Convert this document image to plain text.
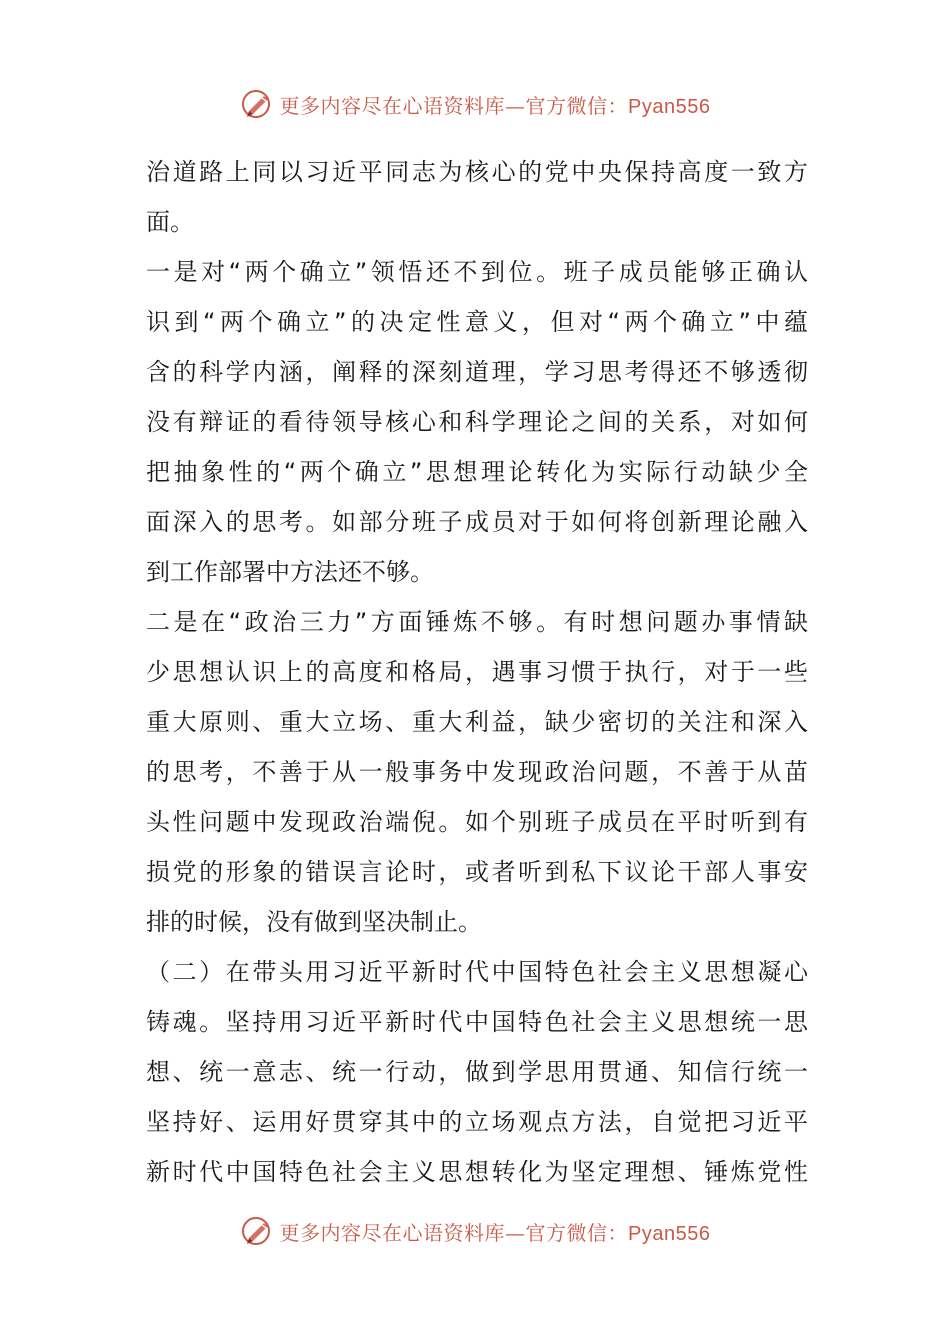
更多内容尽在心语资料库—官方微信：Pyan556
治道路上同以习近平同志为核心的党中央保持高度一致方
面。
一是对“两个确立”领悟还不到位。班子成员能够正确认
识到“两个确立”的决定性意义，但对“两个确立”中蕴
含的科学内涵，阐释的深刻道理，学习思考得还不够透彻
没有辩证的看待领导核心和科学理论之间的关系，对如何
把抽象性的“两个确立”思想理论转化为实际行动缺少全
面深入的思考。如部分班子成员对于如何将创新理论融入
到工作部署中方法还不够。
二是在“政治三力”方面锤炼不够。有时想问题办事情缺
少思想认识上的高度和格局，遇事习惯于执行，对于一些
重大原则、重大立场、重大利益，缺少密切的关注和深入
的思考，不善于从一般事务中发现政治问题，不善于从苗
头性问题中发现政治端倪。如个别班子成员在平时听到有
损党的形象的错误言论时，或者听到私下议论干部人事安
排的时候，没有做到坚决制止。
（二）在带头用习近平新时代中国特色社会主义思想凝心
铸魂。坚持用习近平新时代中国特色社会主义思想统一思
想、统一意志、统一行动，做到学思用贯通、知信行统一
坚持好、运用好贯穿其中的立场观点方法，自觉把习近平
新时代中国特色社会主义思想转化为坚定理想、锤炼党性
更多内容尽在心语资料库—官方微信：Pyan556
